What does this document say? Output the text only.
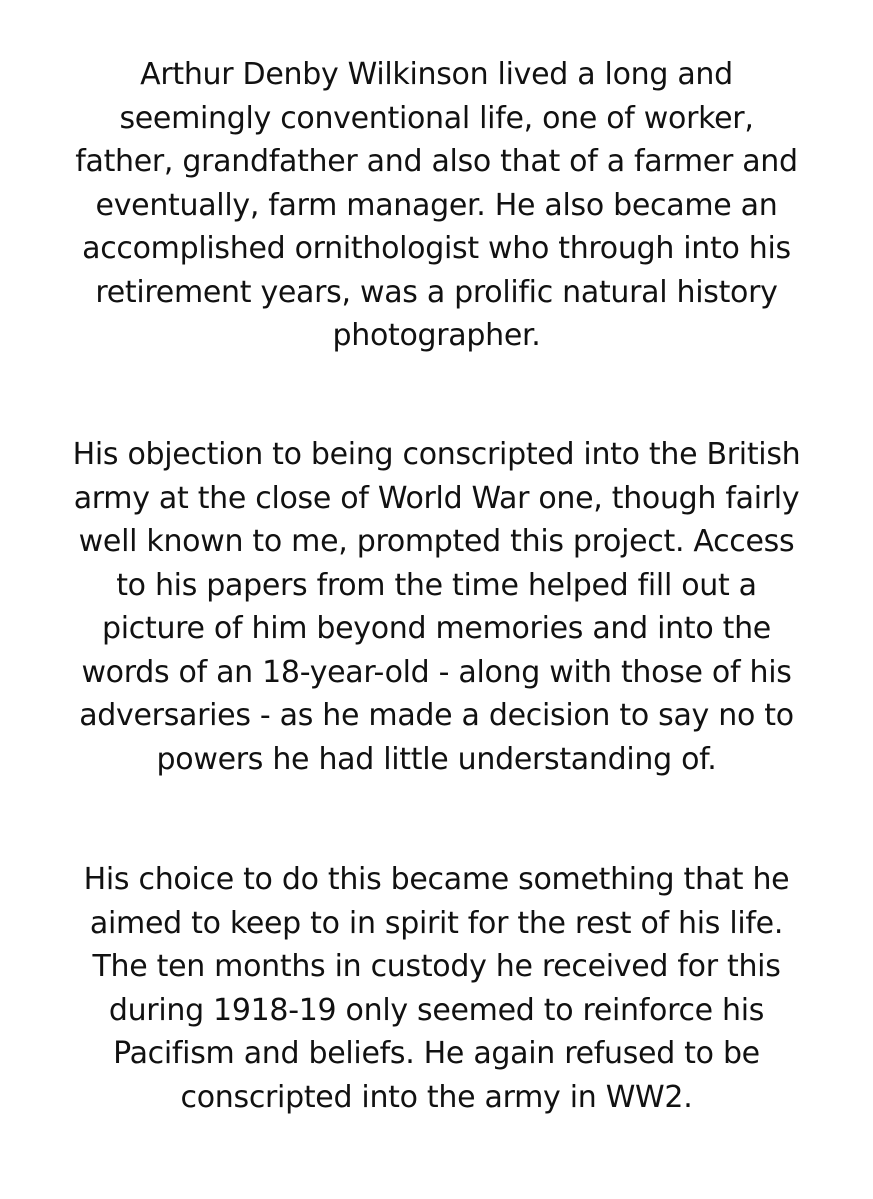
Arthur Denby Wilkinson lived a long and
seemingly conventional life, one of worker,
father, grandfather and also that of a farmer and
eventually, farm manager. He also became an
accomplished ornithologist who through into his
retirement years, was a prolific natural history
photographer.

His objection to being conscripted into the British
army at the close of World War one, though fairly
well known to me, prompted this project. Access
to his papers from the time helped fill out a
picture of him beyond memories and into the
words of an 18-year-old - along with those of his
adversaries - as he made a decision to say no to
powers he had little understanding of.

His choice to do this became something that he
aimed to keep to in spirit for the rest of his life.
The ten months in custody he received for this
during 1918-19 only seemed to reinforce his
Pacifism and beliefs. He again refused to be
conscripted into the army in WW2.
